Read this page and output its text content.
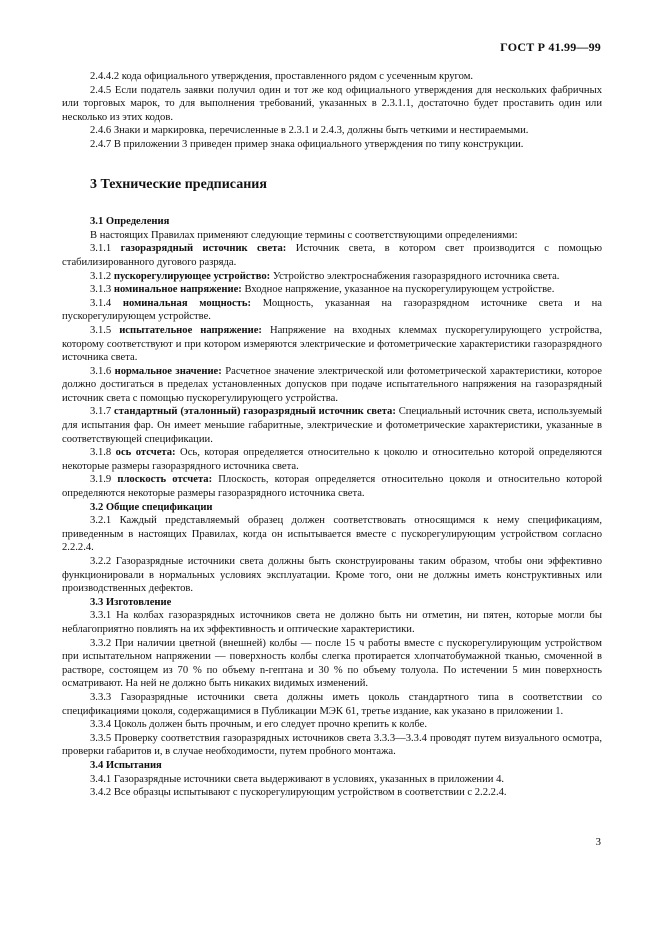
ГОСТ Р 41.99—99

2.4.4.2 кода официального утверждения, проставленного рядом с усеченным кругом.

2.4.5 Если податель заявки получил один и тот же код официального утверждения для нескольких фабричных или торговых марок, то для выполнения требований, указанных в 2.3.1.1, достаточно будет проставить один или несколько из этих кодов.

2.4.6 Знаки и маркировка, перечисленные в 2.3.1 и 2.4.3, должны быть четкими и нестираемыми.

2.4.7 В приложении 3 приведен пример знака официального утверждения по типу конструкции.

3 Технические предписания
3.1 Определения

В настоящих Правилах применяют следующие термины с соответствующими определениями:

3.1.1 газоразрядный источник света: Источник света, в котором свет производится с помощью стабилизированного дугового разряда.

3.1.2 пускорегулирующее устройство: Устройство электроснабжения газоразрядного источника света.

3.1.3 номинальное напряжение: Входное напряжение, указанное на пускорегулирующем устройстве.

3.1.4 номинальная мощность: Мощность, указанная на газоразрядном источнике света и на пускорегулирующем устройстве.

3.1.5 испытательное напряжение: Напряжение на входных клеммах пускорегулирующего устройства, которому соответствуют и при котором измеряются электрические и фотометрические характеристики газоразрядного источника света.

3.1.6 нормальное значение: Расчетное значение электрической или фотометрической характеристики, которое должно достигаться в пределах установленных допусков при подаче испытательного напряжения на газоразрядный источник света с помощью пускорегулирующего устройства.

3.1.7 стандартный (эталонный) газоразрядный источник света: Специальный источник света, используемый для испытания фар. Он имеет меньшие габаритные, электрические и фотометрические характеристики, указанные в соответствующей спецификации.

3.1.8 ось отсчета: Ось, которая определяется относительно к цоколю и относительно которой определяются некоторые размеры газоразрядного источника света.

3.1.9 плоскость отсчета: Плоскость, которая определяется относительно цоколя и относительно которой определяются некоторые размеры газоразрядного источника света.

3.2 Общие спецификации

3.2.1 Каждый представляемый образец должен соответствовать относящимся к нему спецификациям, приведенным в настоящих Правилах, когда он испытывается вместе с пускорегулирующим устройством согласно 2.2.2.4.

3.2.2 Газоразрядные источники света должны быть сконструированы таким образом, чтобы они эффективно функционировали в нормальных условиях эксплуатации. Кроме того, они не должны иметь конструктивных или производственных дефектов.

3.3 Изготовление

3.3.1 На колбах газоразрядных источников света не должно быть ни отметин, ни пятен, которые могли бы неблагоприятно повлиять на их эффективность и оптические характеристики.

3.3.2 При наличии цветной (внешней) колбы — после 15 ч работы вместе с пускорегулирующим устройством при испытательном напряжении — поверхность колбы слегка протирается хлопчатобумажной тканью, смоченной в растворе, состоящем из 70 % по объему n-гептана и 30 % по объему толуола. По истечении 5 мин поверхность осматривают. На ней не должно быть никаких видимых изменений.

3.3.3 Газоразрядные источники света должны иметь цоколь стандартного типа в соответствии со спецификациями цоколя, содержащимися в Публикации МЭК 61, третье издание, как указано в приложении 1.

3.3.4 Цоколь должен быть прочным, и его следует прочно крепить к колбе.

3.3.5 Проверку соответствия газоразрядных источников света 3.3.3—3.3.4 проводят путем визуального осмотра, проверки габаритов и, в случае необходимости, путем пробного монтажа.

3.4 Испытания

3.4.1 Газоразрядные источники света выдерживают в условиях, указанных в приложении 4.

3.4.2 Все образцы испытывают с пускорегулирующим устройством в соответствии с 2.2.2.4.

3
